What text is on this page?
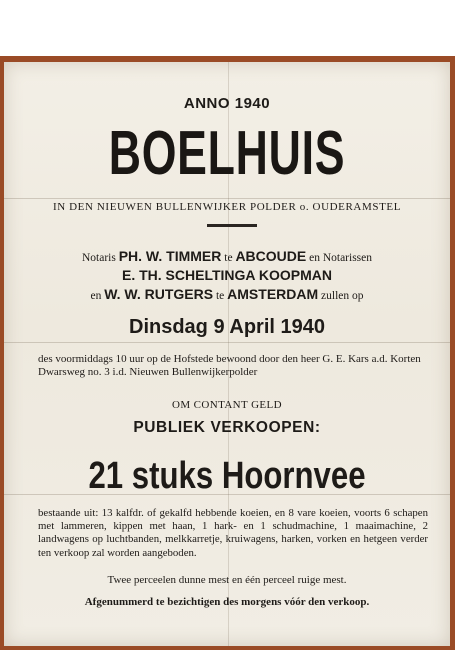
ANNO 1940
BOELHUIS
IN DEN NIEUWEN BULLENWIJKER POLDER o. OUDERAMSTEL
Notaris PH. W. TIMMER te ABCOUDE en Notarissen
E. TH. SCHELTINGA KOOPMAN
en W. W. RUTGERS te AMSTERDAM zullen op
Dinsdag 9 April 1940
des voormiddags 10 uur op de Hofstede bewoond door den heer G. E. Kars a.d. Korten Dwarsweg no. 3 i.d. Nieuwen Bullenwijkerpolder
OM CONTANT GELD
PUBLIEK VERKOOPEN:
21 stuks Hoornvee
bestaande uit: 13 kalfdr. of gekalfd hebbende koeien, en 8 vare koeien, voorts 6 schapen met lammeren, kippen met haan, 1 hark- en 1 schudmachine, 1 maaimachine, 2 landwagens op luchtbanden, melkkarretje, kruiwagens, harken, vorken en hetgeen verder ten verkoop zal worden aangeboden.
Twee perceelen dunne mest en één perceel ruige mest.
Afgenummerd te bezichtigen des morgens vóór den verkoop.
